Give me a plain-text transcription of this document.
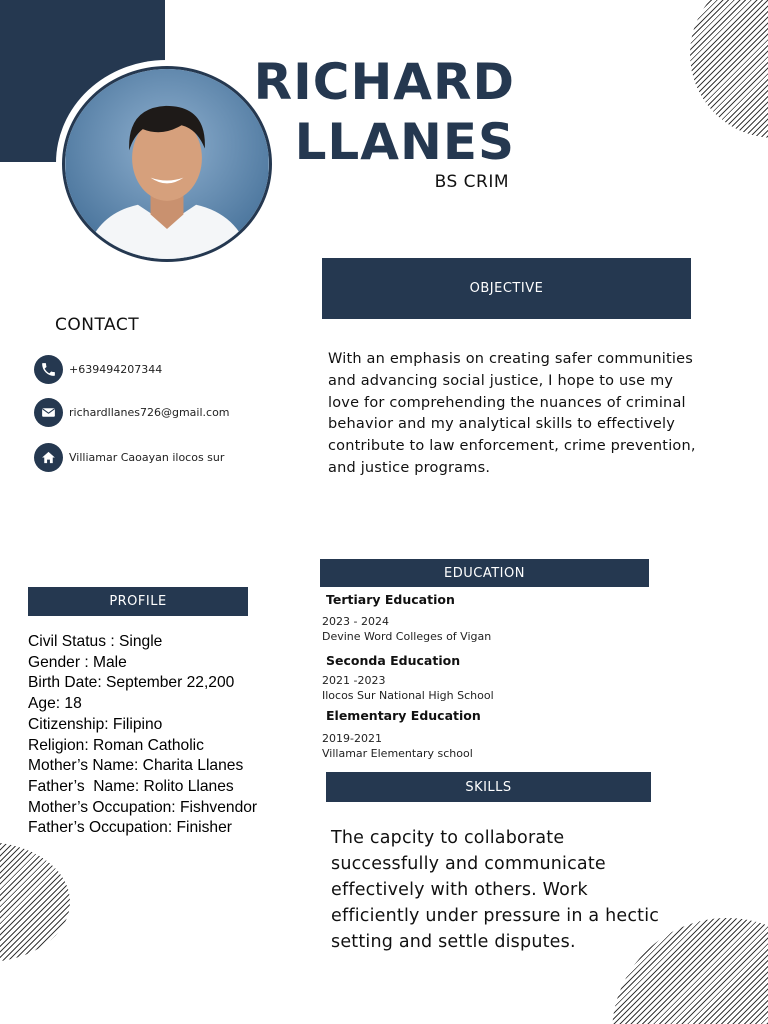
RICHARD
LLANES
BS CRIM
OBJECTIVE
With an emphasis on creating safer communities and advancing social justice, I hope to use my love for comprehending the nuances of criminal behavior and my analytical skills to effectively contribute to law enforcement, crime prevention, and justice programs.
CONTACT
+639494207344
richardllanes726@gmail.com
Villiamar Caoayan ilocos sur
PROFILE
Civil Status : Single
Gender : Male
Birth Date: September 22,200
Age: 18
Citizenship: Filipino
Religion: Roman Catholic
Mother’s Name: Charita Llanes
Father’s  Name: Rolito Llanes
Mother’s Occupation: Fishvendor
Father’s Occupation: Finisher
EDUCATION
Tertiary Education
2023 - 2024
Devine Word Colleges of Vigan
Seconda Education
2021 -2023
Ilocos Sur National High School
Elementary Education
2019-2021
Villamar Elementary school
SKILLS
The capcity to collaborate successfully and communicate effectively with others. Work efficiently under pressure in a hectic setting and settle disputes.
